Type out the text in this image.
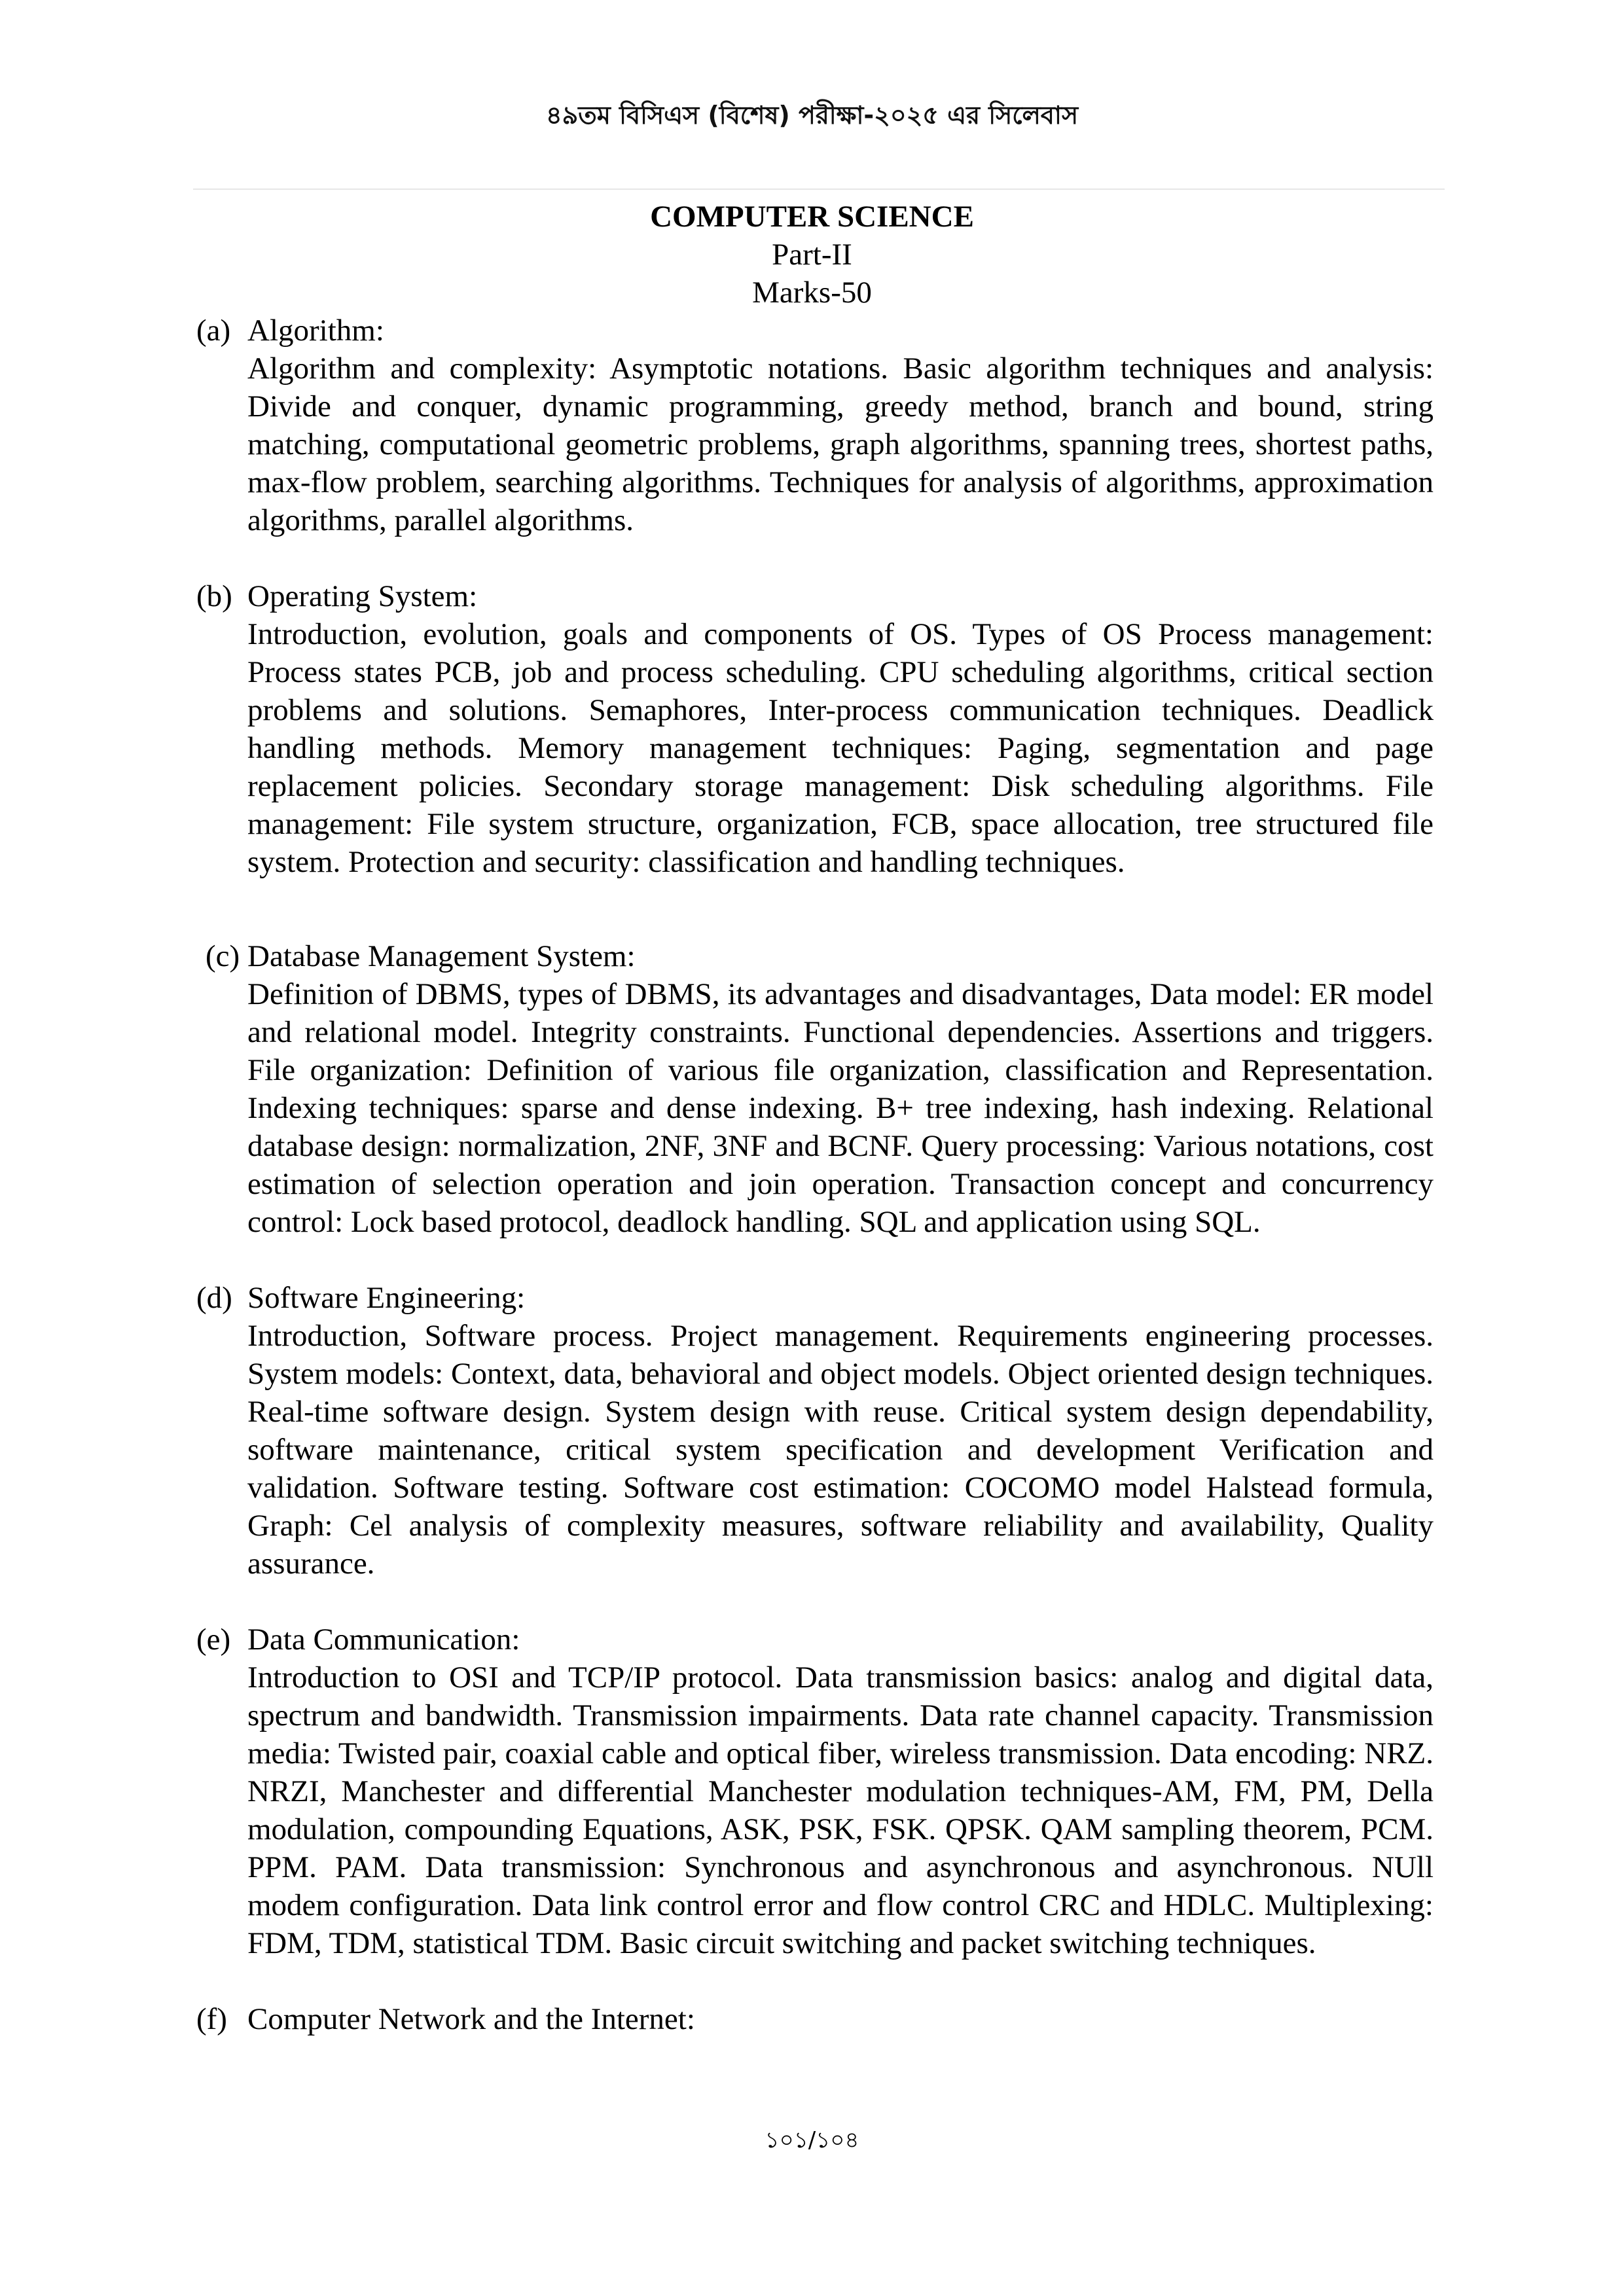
৪৯তম বিসিএস (বিশেষ) পরীক্ষা-২০২৫ এর সিলেবাস
COMPUTER SCIENCE
Part-II
Marks-50
(a) Algorithm:
Algorithm and complexity: Asymptotic notations. Basic algorithm techniques and analysis: Divide and conquer, dynamic programming, greedy method, branch and bound, string matching, computational geometric problems, graph algorithms, spanning trees, shortest paths, max-flow problem, searching algorithms. Techniques for analysis of algorithms, approximation algorithms, parallel algorithms.
(b) Operating System:
Introduction, evolution, goals and components of OS. Types of OS Process management: Process states PCB, job and process scheduling. CPU scheduling algorithms, critical section problems and solutions. Semaphores, Inter-process communication techniques. Deadlick handling methods. Memory management techniques: Paging, segmentation and page replacement policies. Secondary storage management: Disk scheduling algorithms. File management: File system structure, organization, FCB, space allocation, tree structured file system. Protection and security: classification and handling techniques.
(c) Database Management System:
Definition of DBMS, types of DBMS, its advantages and disadvantages, Data model: ER model and relational model. Integrity constraints. Functional dependencies. Assertions and triggers. File organization: Definition of various file organization, classification and Representation. Indexing techniques: sparse and dense indexing. B+ tree indexing, hash indexing. Relational database design: normalization, 2NF, 3NF and BCNF. Query processing: Various notations, cost estimation of selection operation and join operation. Transaction concept and concurrency control: Lock based protocol, deadlock handling. SQL and application using SQL.
(d) Software Engineering:
Introduction, Software process. Project management. Requirements engineering processes. System models: Context, data, behavioral and object models. Object oriented design techniques. Real-time software design. System design with reuse. Critical system design dependability, software maintenance, critical system specification and development Verification and validation. Software testing. Software cost estimation: COCOMO model Halstead formula, Graph: Cel analysis of complexity measures, software reliability and availability, Quality assurance.
(e) Data Communication:
Introduction to OSI and TCP/IP protocol. Data transmission basics: analog and digital data, spectrum and bandwidth. Transmission impairments. Data rate channel capacity. Transmission media: Twisted pair, coaxial cable and optical fiber, wireless transmission. Data encoding: NRZ. NRZI, Manchester and differential Manchester modulation techniques-AM, FM, PM, Della modulation, compounding Equations, ASK, PSK, FSK. QPSK. QAM sampling theorem, PCM. PPM. PAM. Data transmission: Synchronous and asynchronous and asynchronous. NUll modem configuration. Data link control error and flow control CRC and HDLC. Multiplexing: FDM, TDM, statistical TDM. Basic circuit switching and packet switching techniques.
(f) Computer Network and the Internet:
১০১/১০৪
